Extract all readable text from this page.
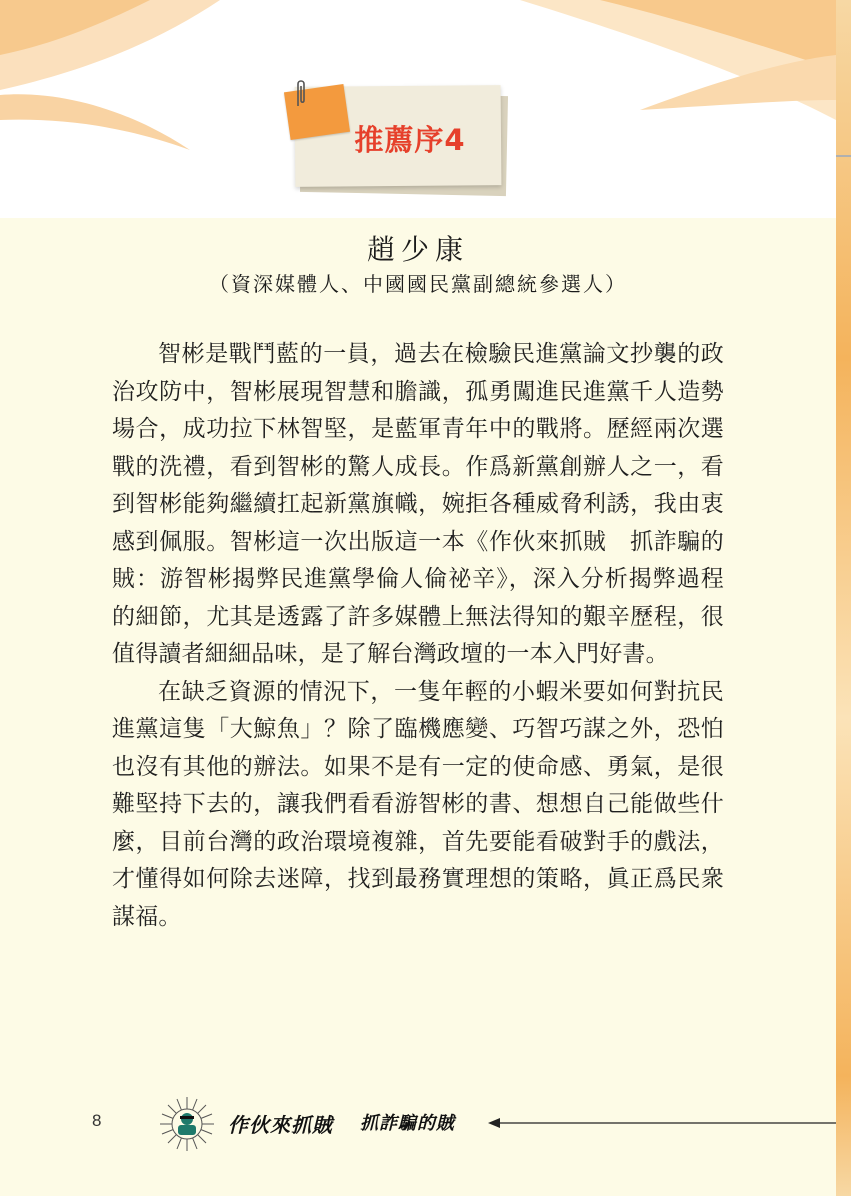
推薦序4
趙少康
（資深媒體人、中國國民黨副總統參選人）

智彬是戰鬥藍的一員，過去在檢驗民進黨論文抄襲的政治攻防中，智彬展現智慧和膽識，孤勇闖進民進黨千人造勢場合，成功拉下林智堅，是藍軍青年中的戰將。歷經兩次選戰的洗禮，看到智彬的驚人成長。作爲新黨創辦人之一，看到智彬能夠繼續扛起新黨旗幟，婉拒各種威脅利誘，我由衷感到佩服。智彬這一次出版這一本《作伙來抓賊　抓詐騙的賊：游智彬揭弊民進黨學倫人倫祕辛》，深入分析揭弊過程的細節，尤其是透露了許多媒體上無法得知的艱辛歷程，很值得讀者細細品味，是了解台灣政壇的一本入門好書。

在缺乏資源的情況下，一隻年輕的小蝦米要如何對抗民進黨這隻「大鯨魚」？除了臨機應變、巧智巧謀之外，恐怕也沒有其他的辦法。如果不是有一定的使命感、勇氣，是很難堅持下去的，讓我們看看游智彬的書、想想自己能做些什麼，目前台灣的政治環境複雜，首先要能看破對手的戲法，才懂得如何除去迷障，找到最務實理想的策略，眞正爲民衆謀福。

8	作伙來抓賊 抓詐騙的賊
